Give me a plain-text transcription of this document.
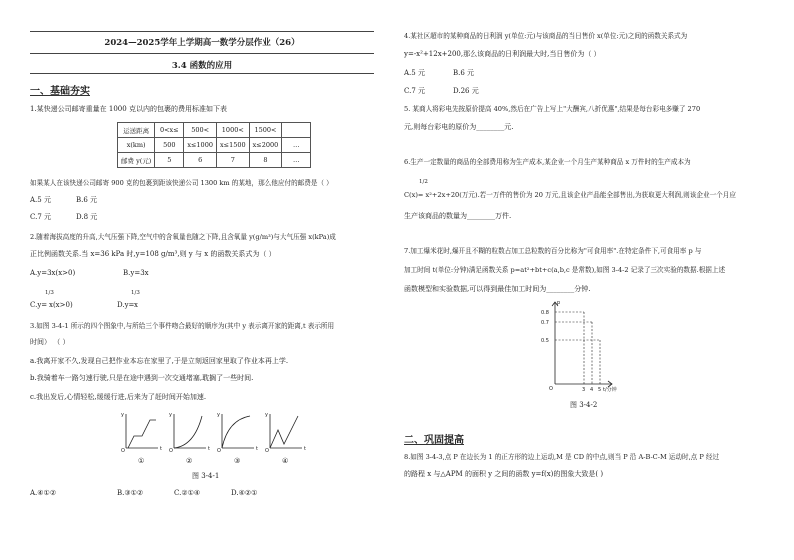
2024—2025学年上学期高一数学分层作业（26）
3.4 函数的应用
一、基础夯实
1.某快递公司邮寄重量在 1000 克以内的包裹的费用标准如下表
运送距离	0<x≤	500<	1000<	1500<	
x(km)	500	x≤1000	x≤1500	x≤2000	…
邮费 y(元)	5	6	7	8	…
如果某人在该快递公司邮寄 900 克的包裹到距该快递公司 1300 km 的某地，那么他应付的邮费是（ ）
A.5 元	B.6 元
C.7 元	D.8 元
2.随着海拔高度的升高,大气压强下降,空气中的含氧量也随之下降,且含氧量 y(g/m³)与大气压强 x(kPa)成
正比例函数关系.当 x=36 kPa 时,y=108 g/m³,则 y 与 x 的函数关系式为（ ）
A.y=3x(x>0)	B.y=3x
C.y=
1/3
x(x>0)	D.y=
1/3
x
3.如图 3-4-1 所示的四个图象中,与所给三个事件吻合最好的顺序为(其中 y 表示离开家的距离,t 表示所用
时间） （ ）
a.我离开家不久,发现自己把作业本忘在家里了,于是立刻返回家里取了作业本再上学.
b.我骑着车一路匀速行驶,只是在途中遇到一次交通堵塞,耽搁了一些时间.
c.我出发后,心情轻松,缓缓行进,后来为了赶时间开始加速.
y
t
O
y
t
O
y
t
O
y
t
O
①	②	③	④
图 3-4-1
A.④①②	B.③①②	C.②①④	D.④②①
4.某社区超市的某种商品的日利润 y(单位:元)与该商品的当日售价 x(单位:元)之间的函数关系式为
y=-x²+12x+200,那么该商品的日利润最大时,当日售价为（ ）
A.5 元	B.6 元
C.7 元	D.26 元
5. 某商人将彩电先按原价提高 40%,然后在广告上写上"大酬宾,八折优惠",结果是每台彩电多赚了 270
元,则每台彩电的原价为________元.
6.生产一定数量的商品的全部费用称为生产成本,某企业一个月生产某种商品 x 万件时的生产成本为
1/2
C(x)= x²+2x+20(万元).若一万件的售价为 20 万元,且该企业产品能全部售出,为获取更大利润,则该企业一个月应
生产该商品的数量为________万件.
7.加工爆米花时,爆开且不糊的粒数占加工总粒数的百分比称为"可食用率".在特定条件下,可食用率 p 与
加工时间 t(单位:分钟)满足函数关系 p=at²+bt+c(a,b,c 是常数),如图 3-4-2 记录了三次实验的数据.根据上述
函数模型和实验数据,可以得到最佳加工时间为________分钟.
p
0.8
0.7
0.5
O	3 4 5 t/分钟
图 3-4-2
二、巩固提高
8.如图 3-4-3,点 P 在边长为 1 的正方形的边上运动,M 是 CD 的中点,则当 P 沿 A-B-C-M 运动时,点 P 经过
的路程 x 与△APM 的面积 y 之间的函数 y=f(x)的图象大致是( )
